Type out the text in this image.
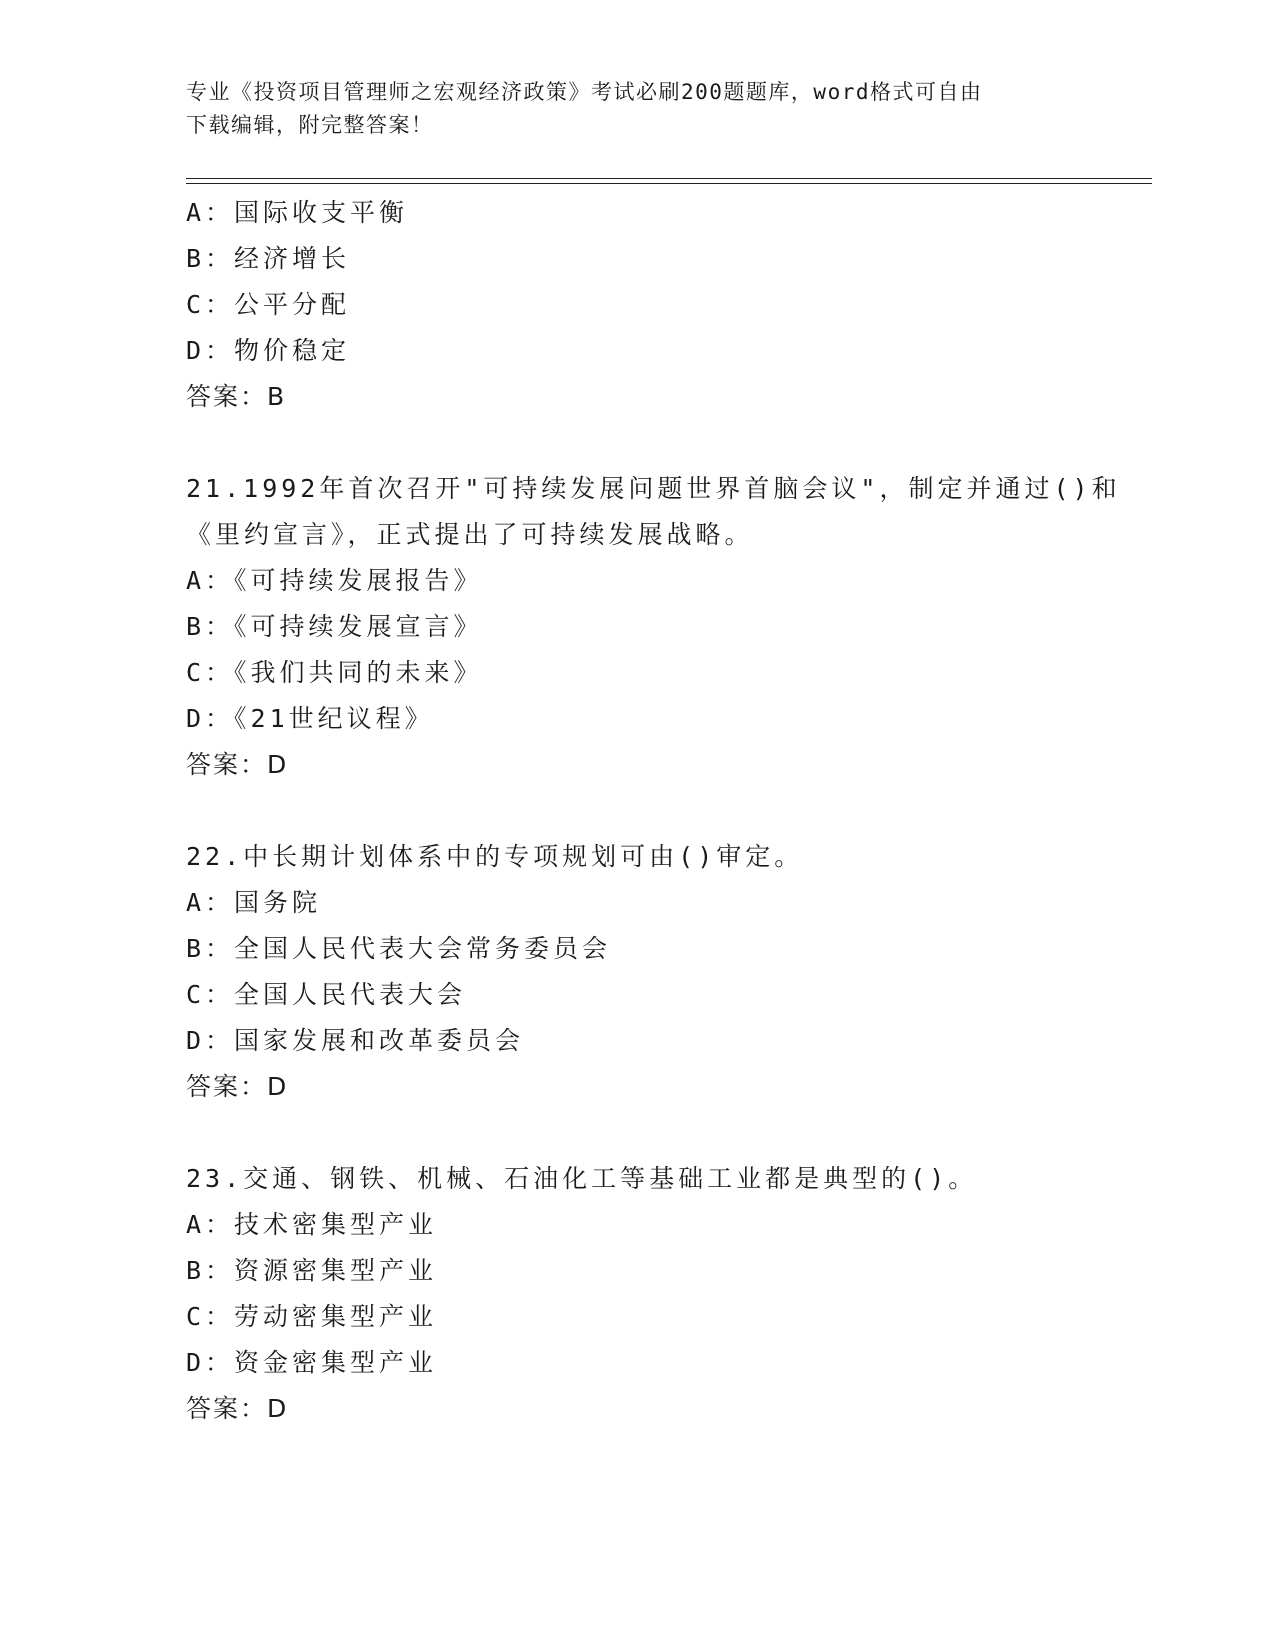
专业《投资项目管理师之宏观经济政策》考试必刷200题题库，word格式可自由
下载编辑，附完整答案！
A：国际收支平衡
B：经济增长
C：公平分配
D：物价稳定
答案：B
21.1992年首次召开"可持续发展问题世界首脑会议"，制定并通过()和
《里约宣言》，正式提出了可持续发展战略。
A：《可持续发展报告》
B：《可持续发展宣言》
C：《我们共同的未来》
D：《21世纪议程》
答案：D
22.中长期计划体系中的专项规划可由()审定。
A：国务院
B：全国人民代表大会常务委员会
C：全国人民代表大会
D：国家发展和改革委员会
答案：D
23.交通、钢铁、机械、石油化工等基础工业都是典型的()。
A：技术密集型产业
B：资源密集型产业
C：劳动密集型产业
D：资金密集型产业
答案：D
